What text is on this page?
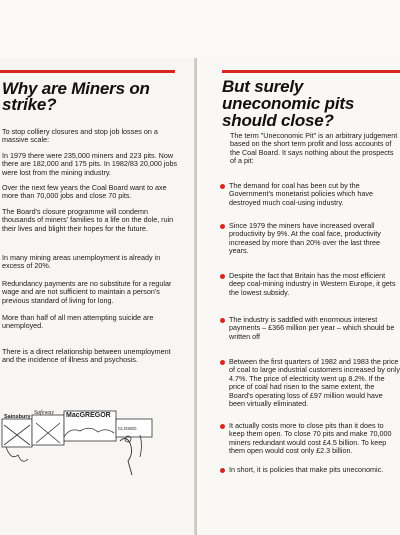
Why are Miners on
strike?
To stop colliery closures and stop job losses on a massive scale:
In 1979 there were 235,000 miners and 223 pits. Now there are 182,000 and 175 pits. In 1982/83 20,000 jobs were lost from the mining industry.
Over the next few years the Coal Board want to axe more than 70,000 jobs and close 70 pits.
The Board's closure programme will condemn thousands of miners' families to a life on the dole, ruin their lives and blight their hopes for the future.
In many mining areas unemployment is already in excess of 20%.
Redundancy payments are no substitute for a regular wage and are not sufficient to maintain a person's previous standard of living for long.
More than half of all men attempting suicide are unemployed.
There is a direct relationship between unemployment and the incidence of illness and psychosis.
Sainsbury
Safeway MacGREGOR
CLOSED
But surely
uneconomic pits
should close?
The term "Uneconomic Pit" is an arbitrary judgement based on the short term profit and loss accounts of the Coal Board. It says nothing about the prospects of a pit:
The demand for coal has been cut by the Government's monetarist policies which have destroyed much coal-using industry.
Since 1979 the miners have increased overall productivity by 9%. At the coal face, productivity increased by more than 20% over the last three years.
Despite the fact that Britain has the most efficient deep coal-mining industry in Western Europe, it gets the lowest subsidy.
The industry is saddled with enormous interest payments – £366 million per year – which should be written off
Between the first quarters of 1982 and 1983 the price of coal to large industrial customers increased by only 4.7%. The price of electricity went up 8.2%. If the price of coal had risen to the same extent, the Board's operating loss of £97 million would have been virtually eliminated.
It actually costs more to close pits than it does to keep them open. To close 70 pits and make 70,000 miners redundant would cost £4.5 billion. To keep them open would cost only £2.3 billion.
In short, it is policies that make pits uneconomic.
